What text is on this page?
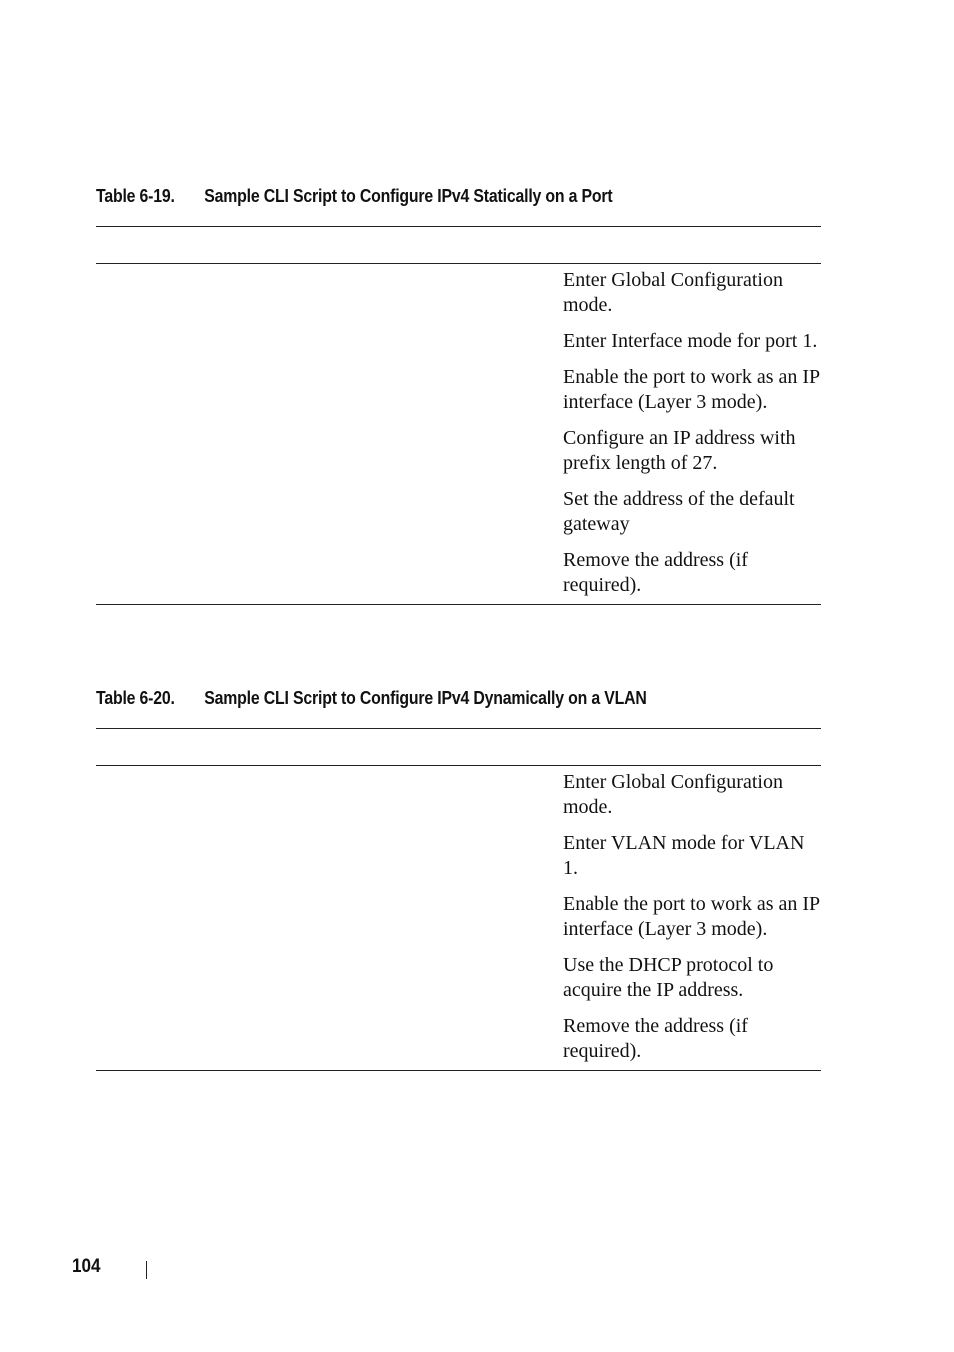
Table 6-19. Sample CLI Script to Configure IPv4 Statically on a Port
Enter Global Configuration mode.
Enter Interface mode for port 1.
Enable the port to work as an IP interface (Layer 3 mode).
Configure an IP address with prefix length of 27.
Set the address of the default gateway
Remove the address (if required).
Table 6-20. Sample CLI Script to Configure IPv4 Dynamically on a VLAN
Enter Global Configuration mode.
Enter VLAN mode for VLAN 1.
Enable the port to work as an IP interface (Layer 3 mode).
Use the DHCP protocol to acquire the IP address.
Remove the address (if required).
104
